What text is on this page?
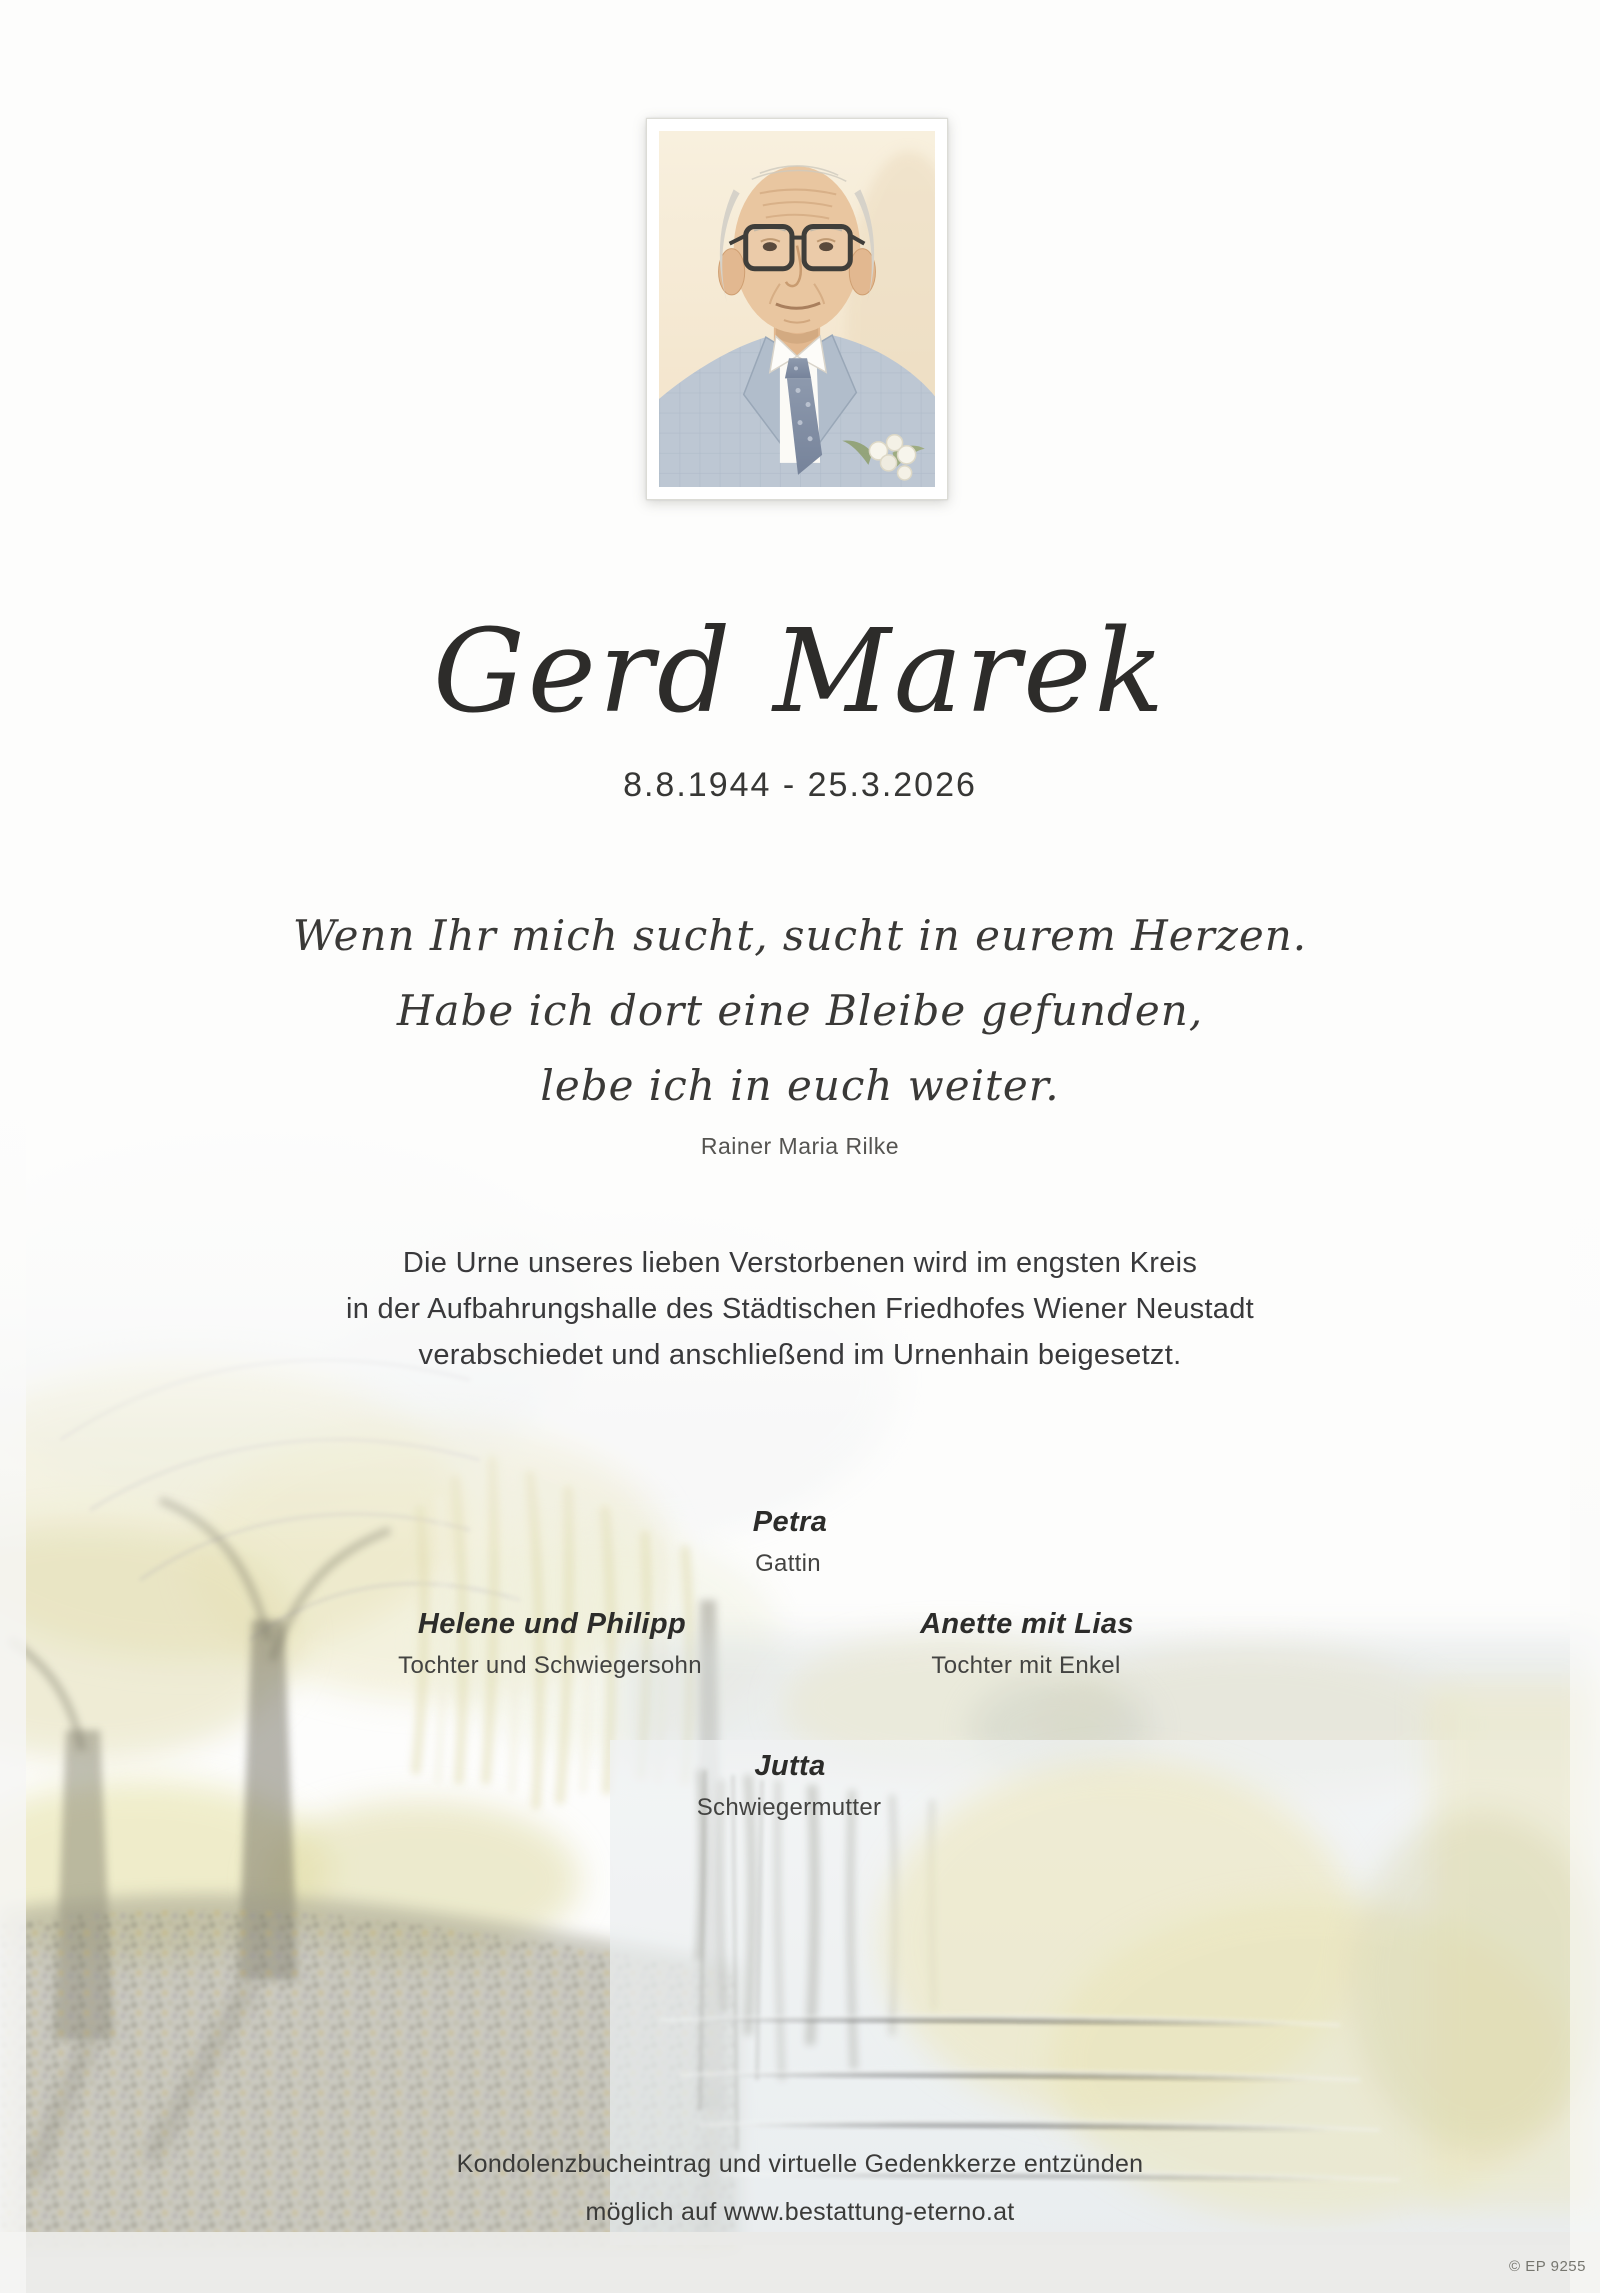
Gerd Marek
8.8.1944 - 25.3.2026
Wenn Ihr mich sucht, sucht in eurem Herzen.
Habe ich dort eine Bleibe gefunden,
lebe ich in euch weiter.
Rainer Maria Rilke
Die Urne unseres lieben Verstorbenen wird im engsten Kreis
in der Aufbahrungshalle des Städtischen Friedhofes Wiener Neustadt
verabschiedet und anschließend im Urnenhain beigesetzt.
Petra
Gattin
Helene und Philipp
Tochter und Schwiegersohn
Anette mit Lias
Tochter mit Enkel
Jutta
Schwiegermutter
Kondolenzbucheintrag und virtuelle Gedenkkerze entzünden
möglich auf www.bestattung-eterno.at
© EP 9255
